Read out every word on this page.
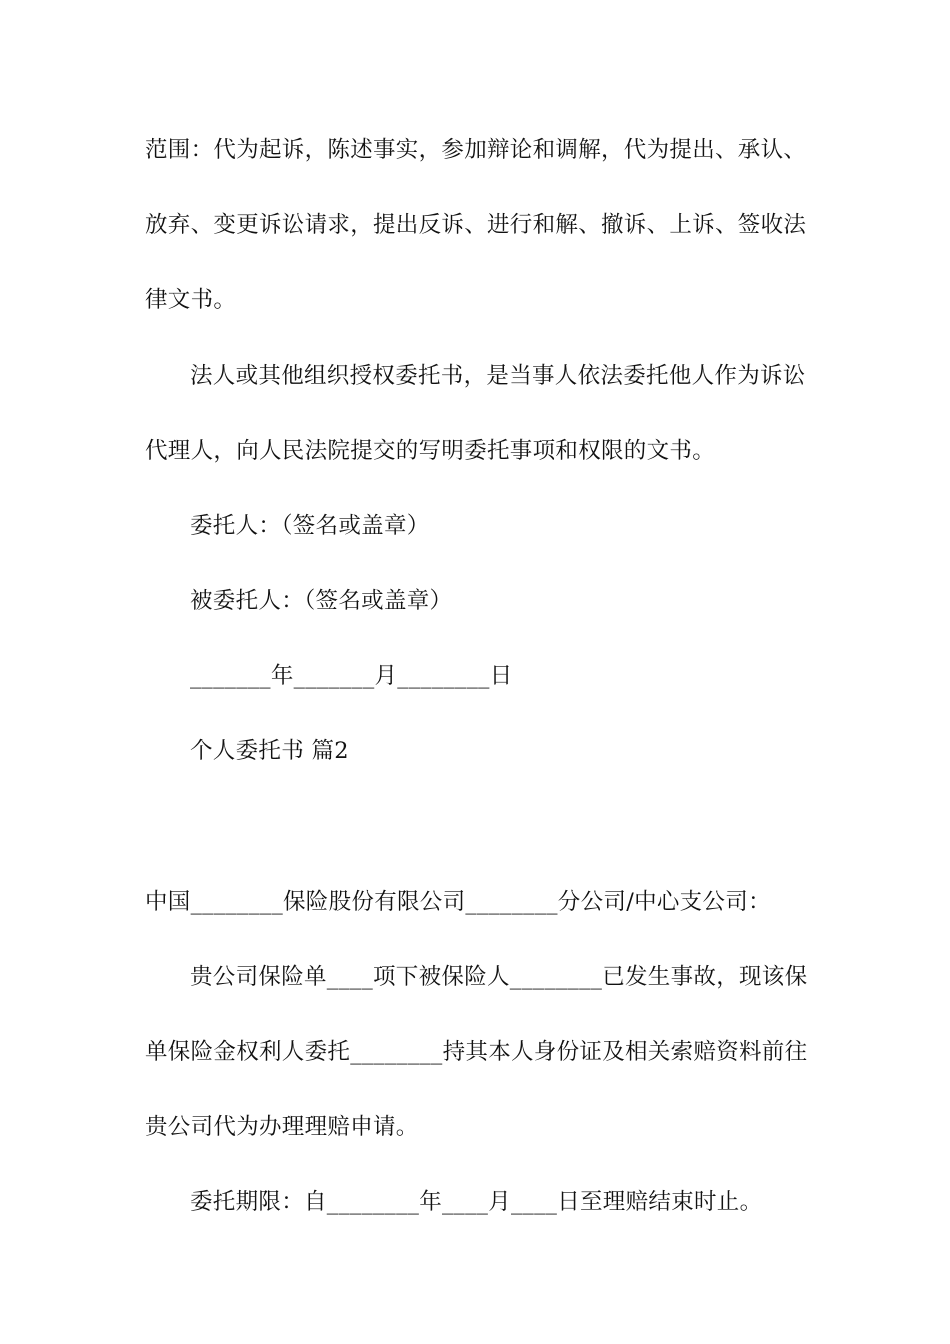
范围：代为起诉，陈述事实，参加辩论和调解，代为提出、承认、
放弃、变更诉讼请求，提出反诉、进行和解、撤诉、上诉、签收法
律文书。
法人或其他组织授权委托书，是当事人依法委托他人作为诉讼
代理人，向人民法院提交的写明委托事项和权限的文书。
委托人：（签名或盖章）
被委托人：（签名或盖章）
_______年_______月________日
个人委托书 篇2
中国________保险股份有限公司________分公司/中心支公司：
贵公司保险单____项下被保险人________已发生事故，现该保
单保险金权利人委托________持其本人身份证及相关索赔资料前往
贵公司代为办理理赔申请。
委托期限：自________年____月____日至理赔结束时止。
